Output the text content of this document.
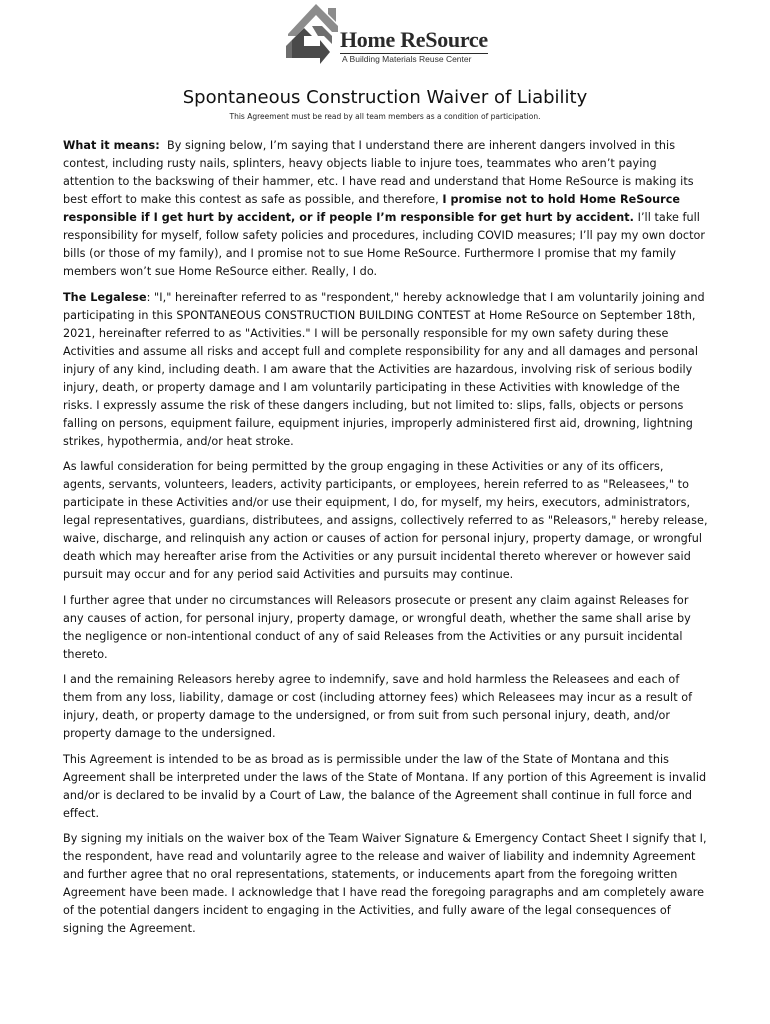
Home ReSource
A Building Materials Reuse Center
Spontaneous Construction Waiver of Liability
This Agreement must be read by all team members as a condition of participation.

What it means: By signing below, I’m saying that I understand there are inherent dangers involved in this contest, including rusty nails, splinters, heavy objects liable to injure toes, teammates who aren’t paying attention to the backswing of their hammer, etc. I have read and understand that Home ReSource is making its best effort to make this contest as safe as possible, and therefore, I promise not to hold Home ReSource responsible if I get hurt by accident, or if people I’m responsible for get hurt by accident. I’ll take full responsibility for myself, follow safety policies and procedures, including COVID measures; I’ll pay my own doctor bills (or those of my family), and I promise not to sue Home ReSource. Furthermore I promise that my family members won’t sue Home ReSource either. Really, I do.

The Legalese: "I," hereinafter referred to as "respondent," hereby acknowledge that I am voluntarily joining and participating in this SPONTANEOUS CONSTRUCTION BUILDING CONTEST at Home ReSource on September 18th, 2021, hereinafter referred to as "Activities." I will be personally responsible for my own safety during these Activities and assume all risks and accept full and complete responsibility for any and all damages and personal injury of any kind, including death. I am aware that the Activities are hazardous, involving risk of serious bodily injury, death, or property damage and I am voluntarily participating in these Activities with knowledge of the risks. I expressly assume the risk of these dangers including, but not limited to: slips, falls, objects or persons falling on persons, equipment failure, equipment injuries, improperly administered first aid, drowning, lightning strikes, hypothermia, and/or heat stroke.

As lawful consideration for being permitted by the group engaging in these Activities or any of its officers, agents, servants, volunteers, leaders, activity participants, or employees, herein referred to as "Releasees," to participate in these Activities and/or use their equipment, I do, for myself, my heirs, executors, administrators, legal representatives, guardians, distributees, and assigns, collectively referred to as "Releasors," hereby release, waive, discharge, and relinquish any action or causes of action for personal injury, property damage, or wrongful death which may hereafter arise from the Activities or any pursuit incidental thereto wherever or however said pursuit may occur and for any period said Activities and pursuits may continue.

I further agree that under no circumstances will Releasors prosecute or present any claim against Releases for any causes of action, for personal injury, property damage, or wrongful death, whether the same shall arise by the negligence or non-intentional conduct of any of said Releases from the Activities or any pursuit incidental thereto.

I and the remaining Releasors hereby agree to indemnify, save and hold harmless the Releasees and each of them from any loss, liability, damage or cost (including attorney fees) which Releasees may incur as a result of injury, death, or property damage to the undersigned, or from suit from such personal injury, death, and/or property damage to the undersigned.

This Agreement is intended to be as broad as is permissible under the law of the State of Montana and this Agreement shall be interpreted under the laws of the State of Montana. If any portion of this Agreement is invalid and/or is declared to be invalid by a Court of Law, the balance of the Agreement shall continue in full force and effect.

By signing my initials on the waiver box of the Team Waiver Signature & Emergency Contact Sheet I signify that I, the respondent, have read and voluntarily agree to the release and waiver of liability and indemnity Agreement and further agree that no oral representations, statements, or inducements apart from the foregoing written Agreement have been made. I acknowledge that I have read the foregoing paragraphs and am completely aware of the potential dangers incident to engaging in the Activities, and fully aware of the legal consequences of signing the Agreement.
